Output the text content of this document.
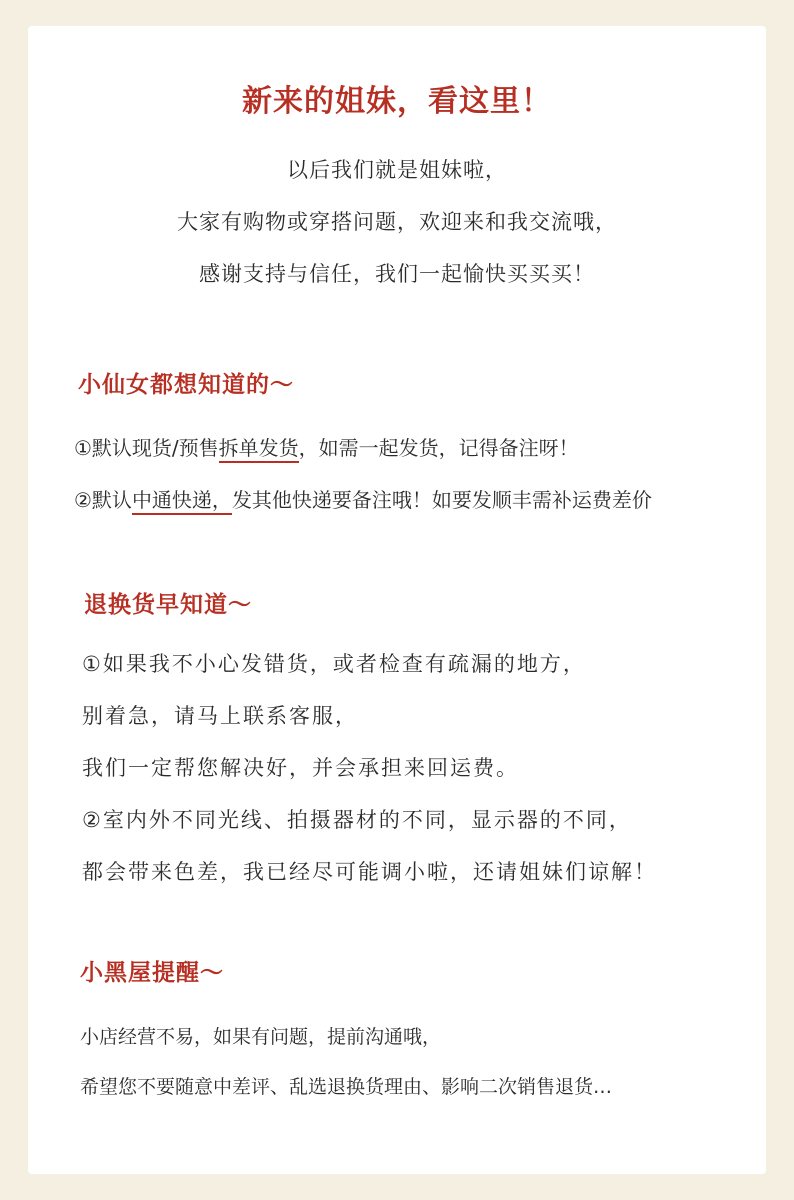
新来的姐妹，看这里！
以后我们就是姐妹啦，
大家有购物或穿搭问题，欢迎来和我交流哦，
感谢支持与信任，我们一起愉快买买买！
小仙女都想知道的～
①默认现货/预售拆单发货，如需一起发货，记得备注呀！
②默认中通快递，发其他快递要备注哦！如要发顺丰需补运费差价
退换货早知道～
①如果我不小心发错货，或者检查有疏漏的地方，
别着急，请马上联系客服，
我们一定帮您解决好，并会承担来回运费。
②室内外不同光线、拍摄器材的不同，显示器的不同，
都会带来色差，我已经尽可能调小啦，还请姐妹们谅解！
小黑屋提醒～
小店经营不易，如果有问题，提前沟通哦，
希望您不要随意中差评、乱选退换货理由、影响二次销售退货…
